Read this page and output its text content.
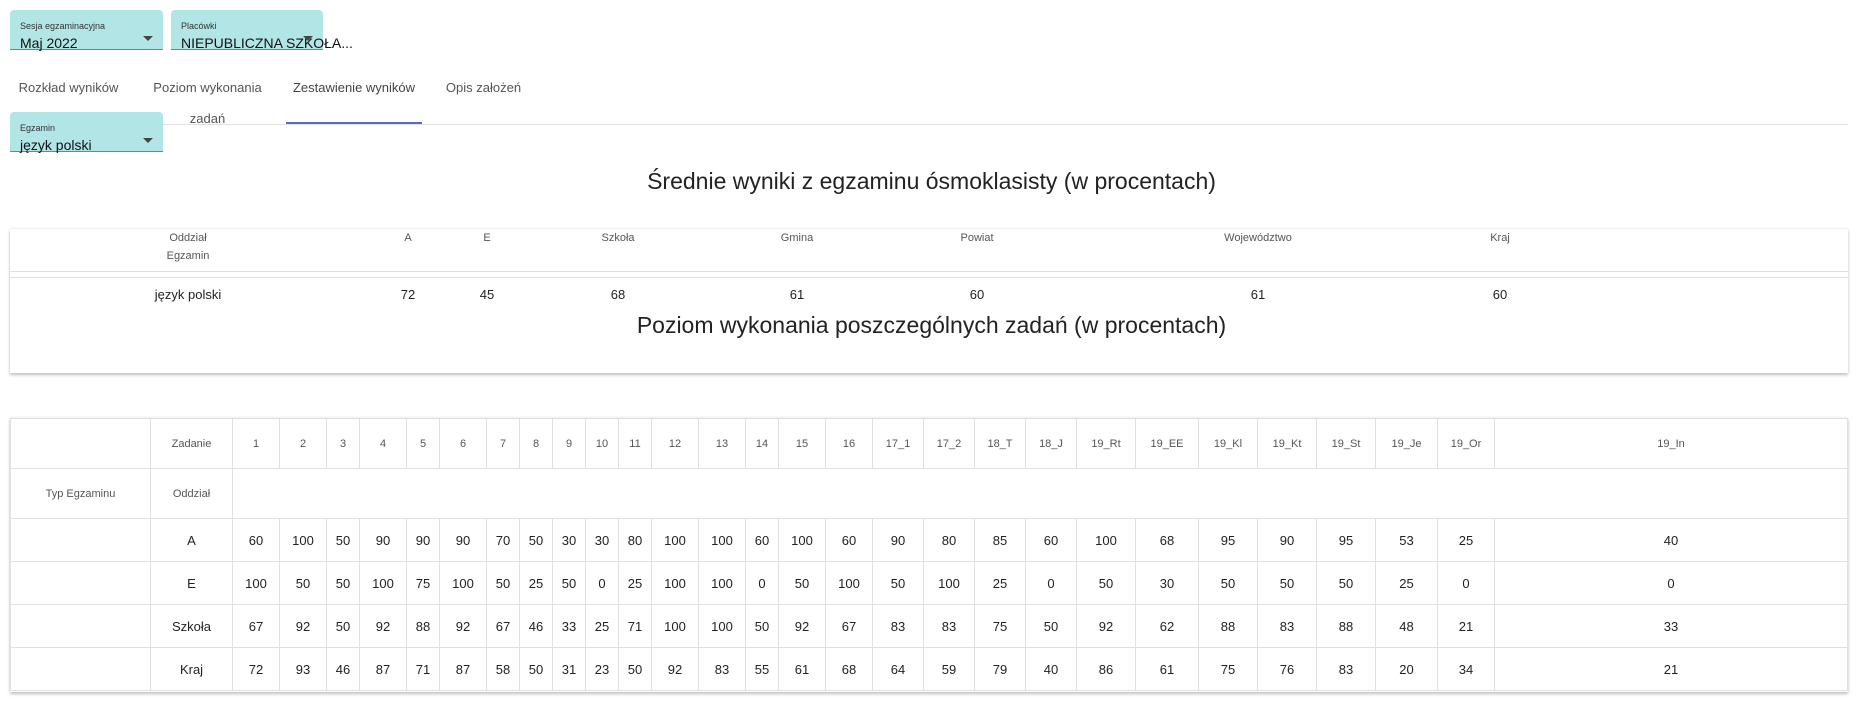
Sesja egzaminacyjna
Maj 2022
Placówki
NIEPUBLICZNA SZKOŁA...
Rozkład wyników	Poziom wykonania zadań
Zestawienie wyników	Opis założeń
Egzamin
język polski
Średnie wyniki z egzaminu ósmoklasisty (w procentach)
Oddział	A	E	Szkoła	Gmina	Powiat	Województwo	Kraj
Egzamin
język polski	72	45	68	61	60	61	60
Poziom wykonania poszczególnych zadań (w procentach)
	Zadanie	1	2	3	4	5	6	7	8	9	10	11	12	13	14	15	16	17_1	17_2	18_T	18_J	19_Rt	19_EE	19_Kl	19_Kt	19_St	19_Je	19_Or	19_In
Typ Egzaminu	Oddział																												
	A	60	100	50	90	90	90	70	50	30	30	80	100	100	60	100	60	90	80	85	60	100	68	95	90	95	53	25	40
	E	100	50	50	100	75	100	50	25	50	0	25	100	100	0	50	100	50	100	25	0	50	30	50	50	50	25	0	0
	Szkoła	67	92	50	92	88	92	67	46	33	25	71	100	100	50	92	67	83	83	75	50	92	62	88	83	88	48	21	33
	Kraj	72	93	46	87	71	87	58	50	31	23	50	92	83	55	61	68	64	59	79	40	86	61	75	76	83	20	34	21
